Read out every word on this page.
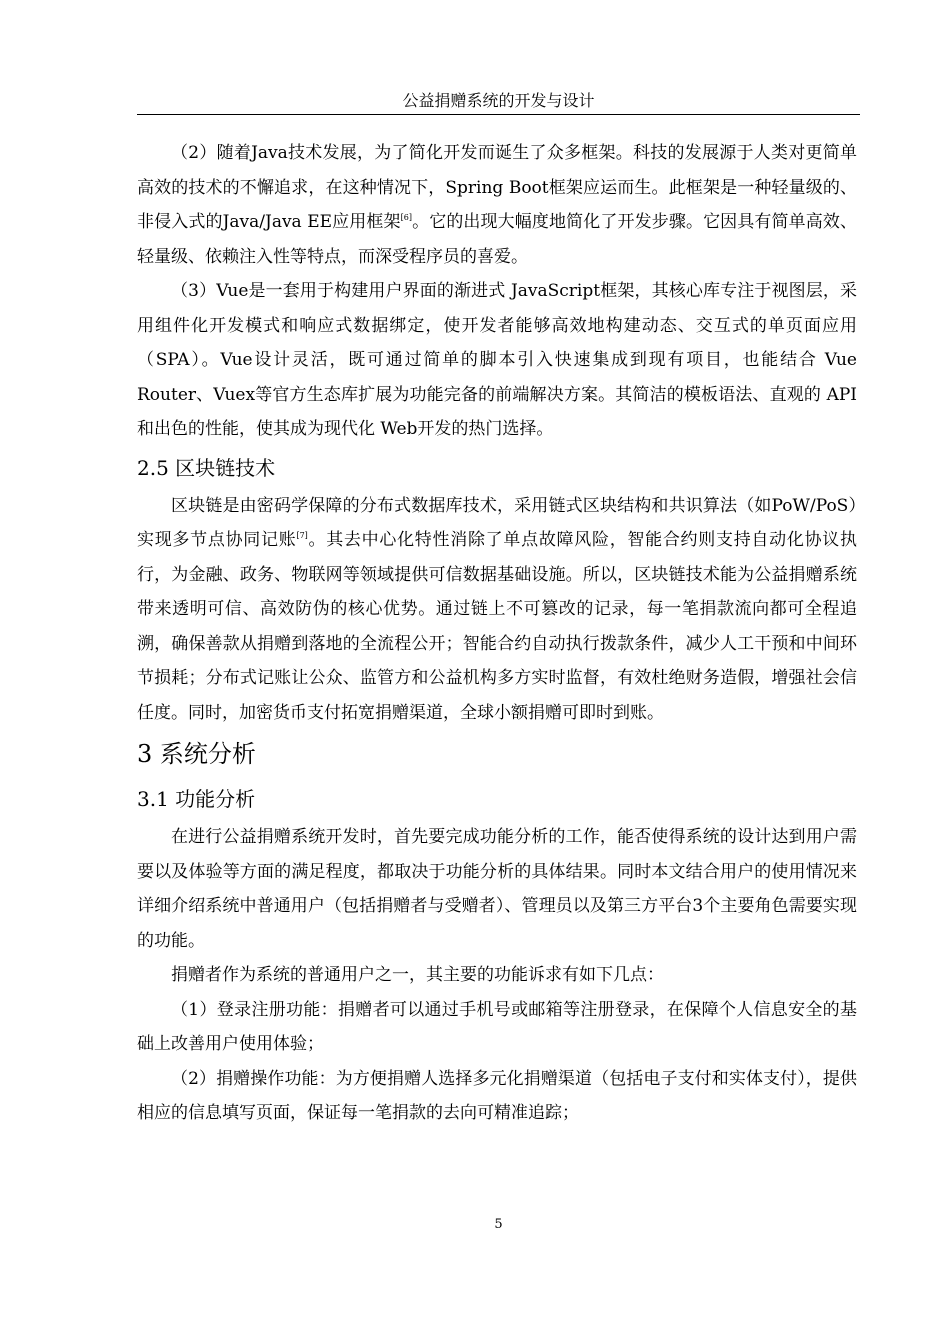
公益捐赠系统的开发与设计

（2）随着Java技术发展，为了简化开发而诞生了众多框架。科技的发展源于人类对更简单高效的技术的不懈追求，在这种情况下，Spring Boot框架应运而生。此框架是一种轻量级的、非侵入式的Java/Java EE应用框架[6]。它的出现大幅度地简化了开发步骤。它因具有简单高效、轻量级、依赖注入性等特点，而深受程序员的喜爱。

（3）Vue是一套用于构建用户界面的渐进式 JavaScript框架，其核心库专注于视图层，采用组件化开发模式和响应式数据绑定，使开发者能够高效地构建动态、交互式的单页面应用（SPA）。Vue设计灵活，既可通过简单的脚本引入快速集成到现有项目，也能结合 Vue Router、Vuex等官方生态库扩展为功能完备的前端解决方案。其简洁的模板语法、直观的 API和出色的性能，使其成为现代化 Web开发的热门选择。

2.5 区块链技术

区块链是由密码学保障的分布式数据库技术，采用链式区块结构和共识算法（如PoW/PoS）实现多节点协同记账[7]。其去中心化特性消除了单点故障风险，智能合约则支持自动化协议执行，为金融、政务、物联网等领域提供可信数据基础设施。所以，区块链技术能为公益捐赠系统带来透明可信、高效防伪的核心优势。通过链上不可篡改的记录，每一笔捐款流向都可全程追溯，确保善款从捐赠到落地的全流程公开；智能合约自动执行拨款条件，减少人工干预和中间环节损耗；分布式记账让公众、监管方和公益机构多方实时监督，有效杜绝财务造假，增强社会信任度。同时，加密货币支付拓宽捐赠渠道，全球小额捐赠可即时到账。

3 系统分析
3.1 功能分析

在进行公益捐赠系统开发时，首先要完成功能分析的工作，能否使得系统的设计达到用户需要以及体验等方面的满足程度，都取决于功能分析的具体结果。同时本文结合用户的使用情况来详细介绍系统中普通用户（包括捐赠者与受赠者）、管理员以及第三方平台3个主要角色需要实现的功能。

捐赠者作为系统的普通用户之一，其主要的功能诉求有如下几点：

（1）登录注册功能：捐赠者可以通过手机号或邮箱等注册登录，在保障个人信息安全的基础上改善用户使用体验；

（2）捐赠操作功能：为方便捐赠人选择多元化捐赠渠道（包括电子支付和实体支付），提供相应的信息填写页面，保证每一笔捐款的去向可精准追踪；

5
